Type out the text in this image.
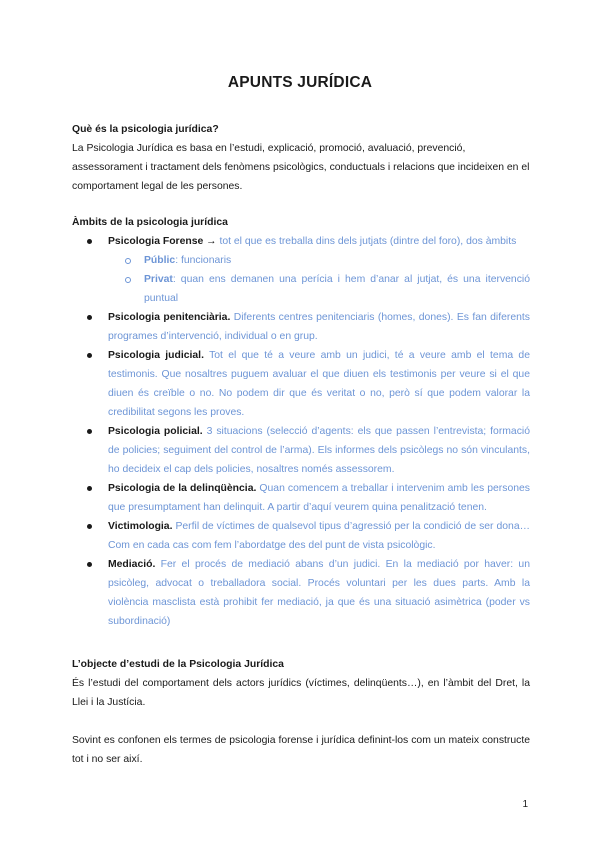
APUNTS JURÍDICA

Què és la psicologia jurídica?

La Psicologia Jurídica es basa en l’estudi, explicació, promoció, avaluació, prevenció, assessorament i tractament dels fenòmens psicològics, conductuals i relacions que incideixen en el comportament legal de les persones.

Àmbits de la psicologia jurídica

Psicologia Forense → tot el que es treballa dins dels jutjats (dintre del foro), dos àmbits
Públic: funcionaris
Privat: quan ens demanen una perícia i hem d’anar al jutjat, és una itervenció puntual
Psicologia penitenciària. Diferents centres penitenciaris (homes, dones). Es fan diferents programes d’intervenció, individual o en grup.
Psicologia judicial. Tot el que té a veure amb un judici, té a veure amb el tema de testimonis. Que nosaltres puguem avaluar el que diuen els testimonis per veure si el que diuen és creïble o no. No podem dir que és veritat o no, però sí que podem valorar la credibilitat segons les proves.
Psicologia policial. 3 situacions (selecció d’agents: els que passen l’entrevista; formació de policies; seguiment del control de l’arma). Els informes dels psicòlegs no són vinculants, ho decideix el cap dels policies, nosaltres només assessorem.
Psicologia de la delinqüència. Quan comencem a treballar i intervenim amb les persones que presumptament han delinquit. A partir d’aquí veurem quina penalització tenen.
Victimologia. Perfil de víctimes de qualsevol tipus d’agressió per la condició de ser dona… Com en cada cas com fem l’abordatge des del punt de vista psicològic.
Mediació. Fer el procés de mediació abans d’un judici. En la mediació por haver: un psicòleg, advocat o treballadora social. Procés voluntari per les dues parts. Amb la violència masclista està prohibit fer mediació, ja que és una situació asimètrica (poder vs subordinació)

L’objecte d’estudi de la Psicologia Jurídica

És l’estudi del comportament dels actors jurídics (víctimes, delinqüents…), en l’àmbit del Dret, la Llei i la Justícia.

Sovint es confonen els termes de psicologia forense i jurídica definint-los com un mateix constructe tot i no ser així.

1
